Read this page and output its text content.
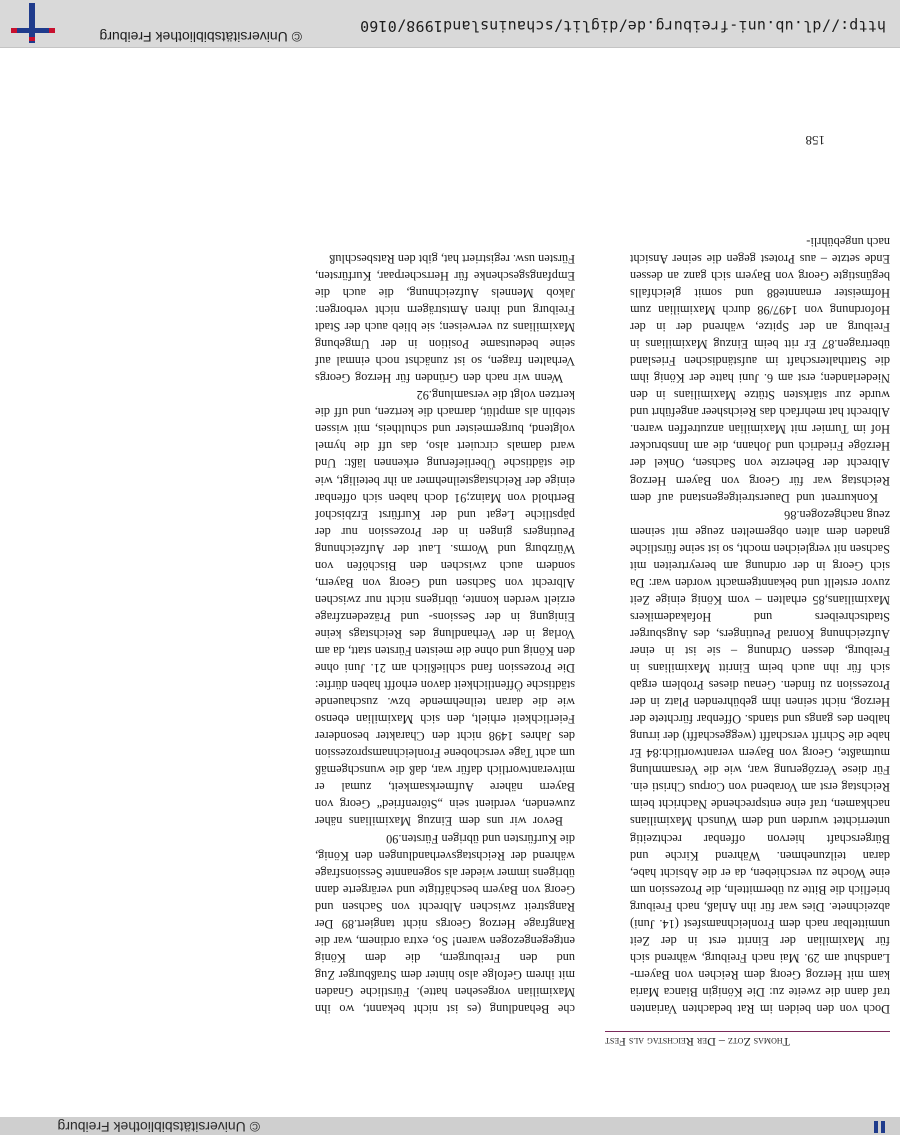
© Universitätsbibliothek Freiburg
Thomas Zotz – Der Reichstag als Fest

Doch von den beiden im Rat bedachten Varianten traf dann die zweite zu: Die Königin Bianca Maria kam mit Herzog Georg dem Reichen von Bayern-Landshut am 29. Mai nach Freiburg, während sich für Maximilian der Einritt erst in der Zeit unmittelbar nach dem Fronleichnamsfest (14. Juni) abzeichnete. Dies war für ihn Anlaß, nach Freiburg brieflich die Bitte zu übermitteln, die Prozession um eine Woche zu verschieben, da er die Absicht habe, daran teilzunehmen. Während Kirche und Bürgerschaft hiervon offenbar rechtzeitig unterrichtet wurden und dem Wunsch Maximilians nachkamen, traf eine entsprechende Nachricht beim Reichstag erst am Vorabend von Corpus Christi ein. Für diese Verzögerung war, wie die Versammlung mutmaßte, Georg von Bayern verantwortlich:84 Er habe die Schrift verschafft (weggeschafft) der irrung halben des gangs und stands. Offenbar fürchtete der Herzog, nicht seinen ihm gebührenden Platz in der Prozession zu finden. Genau dieses Problem ergab sich für ihn auch beim Einritt Maximilians in Freiburg, dessen Ordnung – sie ist in einer Aufzeichnung Konrad Peutingers, des Augsburger Stadtschreibers und Hofakademikers Maximilians,85 erhalten – vom König einige Zeit zuvor erstellt und bekanntgemacht worden war: Da sich Georg in der ordnung am bereyrtreiten mit Sachsen nit vergleichen mocht, so ist seine fürstliche gnaden dem alten obgemelten zeuge mit seinem zeug nachgezogen.86

Konkurrent und Dauerstreitgegenstand auf dem Reichstag war für Georg von Bayern Herzog Albrecht der Beherzte von Sachsen, Onkel der Herzöge Friedrich und Johann, die am Innsbrucker Hof im Turnier mit Maximilian anzutreffen waren. Albrecht hat mehrfach das Reichsheer angeführt und wurde zur stärksten Stütze Maximilians in den Niederlanden; erst am 6. Juni hatte der König ihm die Statthalterschaft im aufständischen Friesland übertragen.87 Er ritt beim Einzug Maximilians in Freiburg an der Spitze, während der in der Hofordnung von 1497/98 durch Maximilian zum Hofmeister ernannte88 und somit gleichfalls begünstigte Georg von Bayern sich ganz an dessen Ende setzte – aus Protest gegen die seiner Ansicht nach ungebührli-

che Behandlung (es ist nicht bekannt, wo ihn Maximilian vorgesehen hatte). Fürstliche Gnaden mit ihrem Gefolge also hinter dem Straßburger Zug und den Freiburgern, die dem König entgegengezogen waren! So, extra ordinem, war die Rangfrage Herzog Georgs nicht tangiert.89 Der Rangstreit zwischen Albrecht von Sachsen und Georg von Bayern beschäftigte und verärgerte dann übrigens immer wieder als sogenannte Sessionsfrage während der Reichstagsverhandlungen den König, die Kurfürsten und übrigen Fürsten.90

Bevor wir uns dem Einzug Maximilians näher zuwenden, verdient sein „Störenfried“ Georg von Bayern nähere Aufmerksamkeit, zumal er mitverantwortlich dafür war, daß die wunschgemäß um acht Tage verschobene Fronleichnamsprozession des Jahres 1498 nicht den Charakter besonderer Feierlichkeit erhielt, den sich Maximilian ebenso wie die daran teilnehmende bzw. zuschauende städtische Öffentlichkeit davon erhofft haben dürfte: Die Prozession fand schließlich am 21. Juni ohne den König und ohne die meisten Fürsten statt, da am Vorlag in der Verhandlung des Reichstags keine Einigung in der Sessions- und Präzedenzfrage erzielt werden konnte, übrigens nicht nur zwischen Albrecht von Sachsen und Georg von Bayern, sondern auch zwischen den Bischöfen von Würzburg und Worms. Laut der Aufzeichnung Peutingers gingen in der Prozession nur der päpstliche Legat und der Kurfürst Erzbischof Berthold von Mainz;91 doch haben sich offenbar einige der Reichstagsteilnehmer an ihr beteiligt, wie die städtische Überlieferung erkennen läßt: Und ward damals circuiert also, das uff die hymel volgtend, burgermeister und schultheis, mit wissen stebiln als amptlüt, darnach die kertzen, und uff die kertzen volgt die versamlung.92

Wenn wir nach den Gründen für Herzog Georgs Verhalten fragen, so ist zunächst noch einmal auf seine bedeutsame Position in der Umgebung Maximilians zu verweisen; sie blieb auch der Stadt Freiburg und ihren Amtsträgern nicht verborgen: Jakob Mennels Aufzeichnung, die auch die Empfangsgeschenke für Herrscherpaar, Kurfürsten, Fürsten usw. registriert hat, gibt den Ratsbeschluß

158
http://dl.ub.uni-freiburg.de/diglit/schauinsland1998/0160
© Universitätsbibliothek Freiburg
